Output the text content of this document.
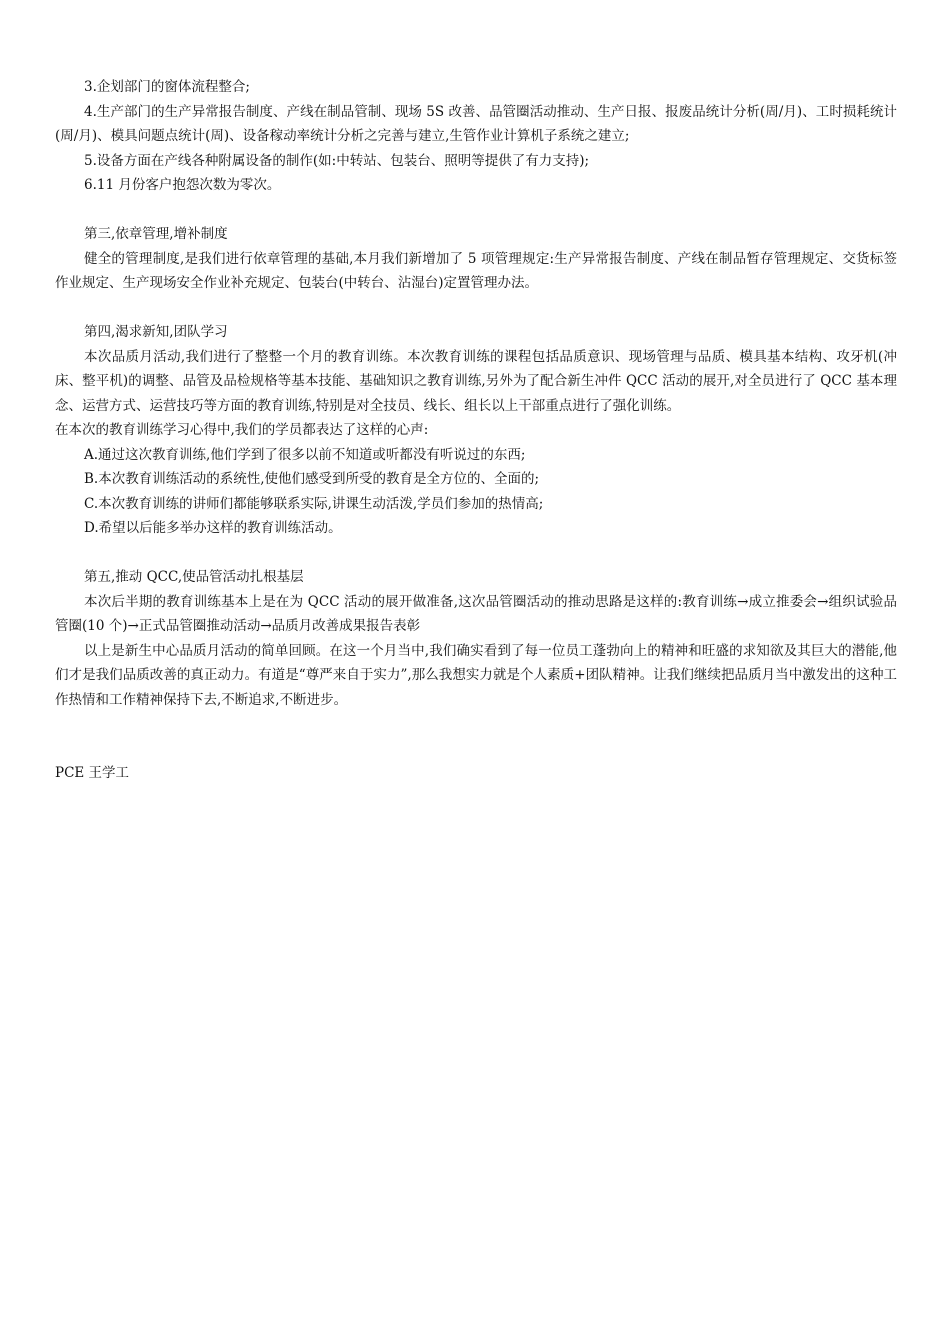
3.企划部门的窗体流程整合;

4.生产部门的生产异常报告制度、产线在制品管制、现场 5S 改善、品管圈活动推动、生产日报、报废品统计分析(周/月)、工时损耗统计(周/月)、模具问题点统计(周)、设备稼动率统计分析之完善与建立,生管作业计算机子系统之建立;

5.设备方面在产线各种附属设备的制作(如:中转站、包装台、照明等提供了有力支持);

6.11 月份客户抱怨次数为零次。

第三,依章管理,增补制度

健全的管理制度,是我们进行依章管理的基础,本月我们新增加了 5 项管理规定:生产异常报告制度、产线在制品暂存管理规定、交货标签作业规定、生产现场安全作业补充规定、包装台(中转台、沾湿台)定置管理办法。

第四,渴求新知,团队学习

本次品质月活动,我们进行了整整一个月的教育训练。本次教育训练的课程包括品质意识、现场管理与品质、模具基本结构、攻牙机(冲床、整平机)的调整、品管及品检规格等基本技能、基础知识之教育训练,另外为了配合新生冲件 QCC 活动的展开,对全员进行了 QCC 基本理念、运营方式、运营技巧等方面的教育训练,特别是对全技员、线长、组长以上干部重点进行了强化训练。

在本次的教育训练学习心得中,我们的学员都表达了这样的心声:

A.通过这次教育训练,他们学到了很多以前不知道或听都没有听说过的东西;

B.本次教育训练活动的系统性,使他们感受到所受的教育是全方位的、全面的;

C.本次教育训练的讲师们都能够联系实际,讲课生动活泼,学员们参加的热情高;

D.希望以后能多举办这样的教育训练活动。

第五,推动 QCC,使品管活动扎根基层

本次后半期的教育训练基本上是在为 QCC 活动的展开做准备,这次品管圈活动的推动思路是这样的:教育训练→成立推委会→组织试验品管圈(10 个)→正式品管圈推动活动→品质月改善成果报告表彰

以上是新生中心品质月活动的简单回顾。在这一个月当中,我们确实看到了每一位员工蓬勃向上的精神和旺盛的求知欲及其巨大的潜能,他们才是我们品质改善的真正动力。有道是“尊严来自于实力”,那么我想实力就是个人素质+团队精神。让我们继续把品质月当中激发出的这种工作热情和工作精神保持下去,不断追求,不断进步。

PCE 王学工
